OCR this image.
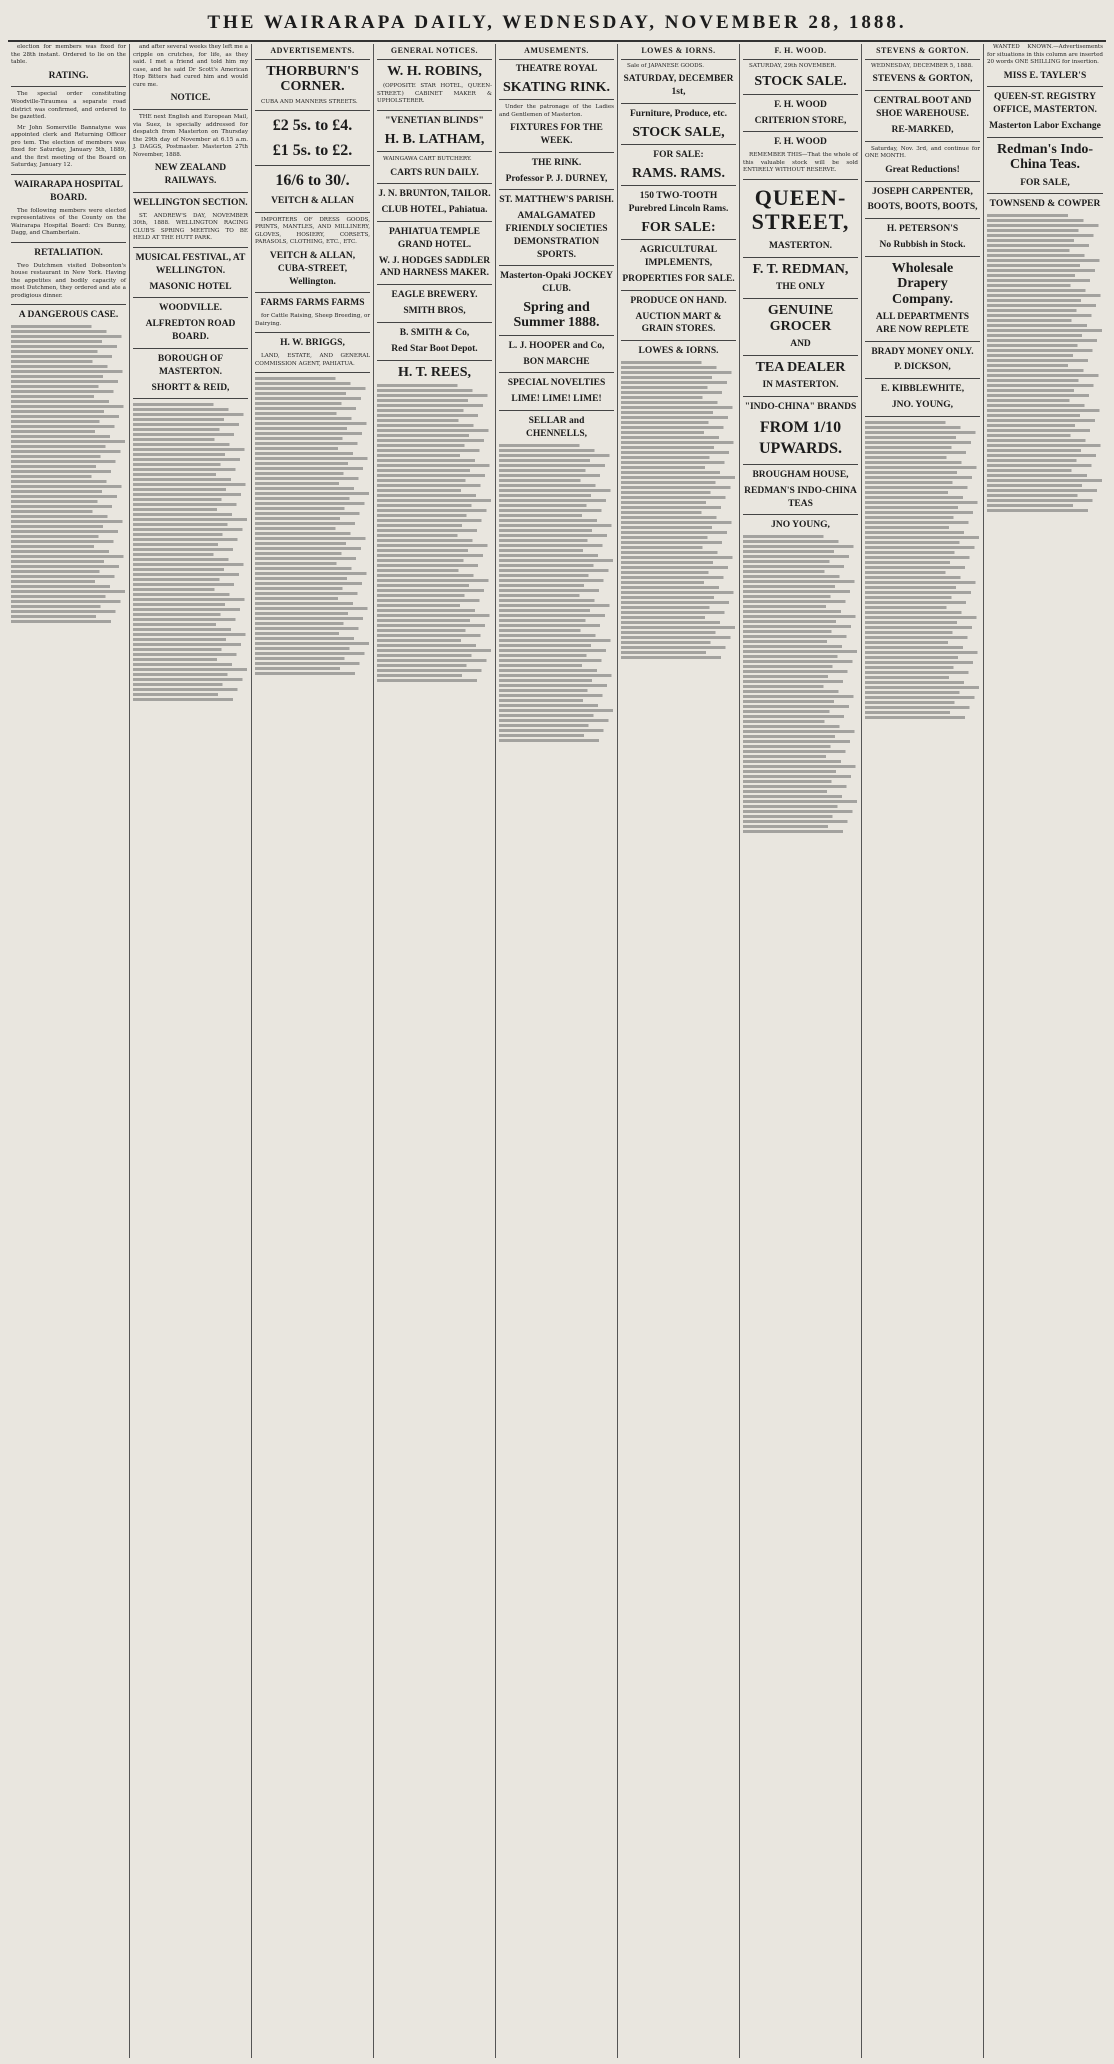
THE WAIRARAPA DAILY, WEDNESDAY, NOVEMBER 28, 1888.
election for members was fixed for the 28th instant. Ordered to lie on the table.
RATING.
The special order constituting Woodville-Tiraumea a separate road district was confirmed, and ordered to be gazetted.
Mr John Somerville Bannatyne was appointed clerk and Returning Officer pro tem. The election of members was fixed for Saturday, January 5th, 1889, and the first meeting of the Board on Saturday, January 12.
WAIRARAPA HOSPITAL BOARD.
The following members were elected representatives of the County on the Wairarapa Hospital Board: Crs Bunny, Dagg, and Chamberlain.
RETALIATION.
Two Dutchmen visited Dobsonton's house restaurant in New York. Having the appetites and bodily capacity of most Dutchmen, they ordered and ate a prodigious dinner.
A DANGEROUS CASE.
and after several weeks they left me a cripple on crutches, for life, as they said. I met a friend and told him my case, and he said Dr Scott's American Hop Bitters had cured him and would cure me.
NOTICE.
THE next English and European Mail, via Suez, is specially addressed for despatch from Masterton on Thursday the 29th day of November at 6.15 a.m. J. DAGGS, Postmaster. Masterton 27th November, 1888.
NEW ZEALAND RAILWAYS.
WELLINGTON SECTION.
ST. ANDREW'S DAY, NOVEMBER 30th, 1888. WELLINGTON RACING CLUB'S SPRING MEETING TO BE HELD AT THE HUTT PARK.
MUSICAL FESTIVAL, AT WELLINGTON.
MASONIC HOTEL
WOODVILLE.
ALFREDTON ROAD BOARD.
BOROUGH OF MASTERTON.
SHORTT & REID,
ADVERTISEMENTS.
THORBURN'S CORNER.
CUBA AND MANNERS STREETS.
£2 5s. to £4.
£1 5s. to £2.
16/6 to 30/.
VEITCH & ALLAN
IMPORTERS OF DRESS GOODS, PRINTS, MANTLES, AND MILLINERY, GLOVES, HOSIERY, CORSETS, PARASOLS, CLOTHING, ETC., ETC.
VEITCH & ALLAN, CUBA-STREET, Wellington.
FARMS FARMS FARMS
for Cattle Raising, Sheep Breeding, or Dairying.
H. W. BRIGGS,
LAND, ESTATE, AND GENERAL COMMISSION AGENT, PAHIATUA.
GENERAL NOTICES.
W. H. ROBINS,
(OPPOSITE STAR HOTEL, QUEEN-STREET.) CABINET MAKER & UPHOLSTERER.
"VENETIAN BLINDS"
H. B. LATHAM,
WAINGAWA CART BUTCHERY.
CARTS RUN DAILY.
J. N. BRUNTON, TAILOR.
CLUB HOTEL, Pahiatua.
PAHIATUA TEMPLE GRAND HOTEL.
W. J. HODGES SADDLER AND HARNESS MAKER.
EAGLE BREWERY.
SMITH BROS,
B. SMITH & Co,
Red Star Boot Depot.
H. T. REES,
AMUSEMENTS.
THEATRE ROYAL
SKATING RINK.
Under the patronage of the Ladies and Gentlemen of Masterton.
FIXTURES FOR THE WEEK.
THE RINK.
Professor P. J. DURNEY,
ST. MATTHEW'S PARISH.
AMALGAMATED FRIENDLY SOCIETIES DEMONSTRATION SPORTS.
Masterton-Opaki JOCKEY CLUB.
Spring and Summer 1888.
L. J. HOOPER and Co,
BON MARCHE
SPECIAL NOVELTIES
LIME! LIME! LIME!
SELLAR and CHENNELLS,
LOWES & IORNS.
Sale of JAPANESE GOODS.
SATURDAY, DECEMBER 1st,
Furniture, Produce, etc.
STOCK SALE,
FOR SALE:
RAMS. RAMS.
150 TWO-TOOTH Purebred Lincoln Rams.
FOR SALE:
AGRICULTURAL IMPLEMENTS,
PROPERTIES FOR SALE.
PRODUCE ON HAND.
AUCTION MART & GRAIN STORES.
LOWES & IORNS.
F. H. WOOD.
SATURDAY, 29th NOVEMBER.
STOCK SALE.
F. H. WOOD
CRITERION STORE,
F. H. WOOD
REMEMBER THIS—That the whole of this valuable stock will be sold ENTIRELY WITHOUT RESERVE.
QUEEN-STREET,
MASTERTON.
F. T. REDMAN,
THE ONLY
GENUINE GROCER
AND
TEA DEALER
IN MASTERTON.
"INDO-CHINA" BRANDS
FROM 1/10 UPWARDS.
BROUGHAM HOUSE,
REDMAN'S INDO-CHINA TEAS
JNO YOUNG,
STEVENS & GORTON.
WEDNESDAY, DECEMBER 5, 1888.
STEVENS & GORTON,
CENTRAL BOOT AND SHOE WAREHOUSE.
RE-MARKED,
Saturday, Nov. 3rd, and continue for ONE MONTH.
Great Reductions!
JOSEPH CARPENTER,
BOOTS, BOOTS, BOOTS,
H. PETERSON'S
No Rubbish in Stock.
Wholesale Drapery Company.
ALL DEPARTMENTS ARE NOW REPLETE
BRADY MONEY ONLY.
P. DICKSON,
E. KIBBLEWHITE,
JNO. YOUNG,
WANTED KNOWN.—Advertisements for situations in this column are inserted 20 words ONE SHILLING for insertion.
MISS E. TAYLER'S
QUEEN-ST. REGISTRY OFFICE, MASTERTON.
Masterton Labor Exchange
Redman's Indo-China Teas.
FOR SALE,
TOWNSEND & COWPER
